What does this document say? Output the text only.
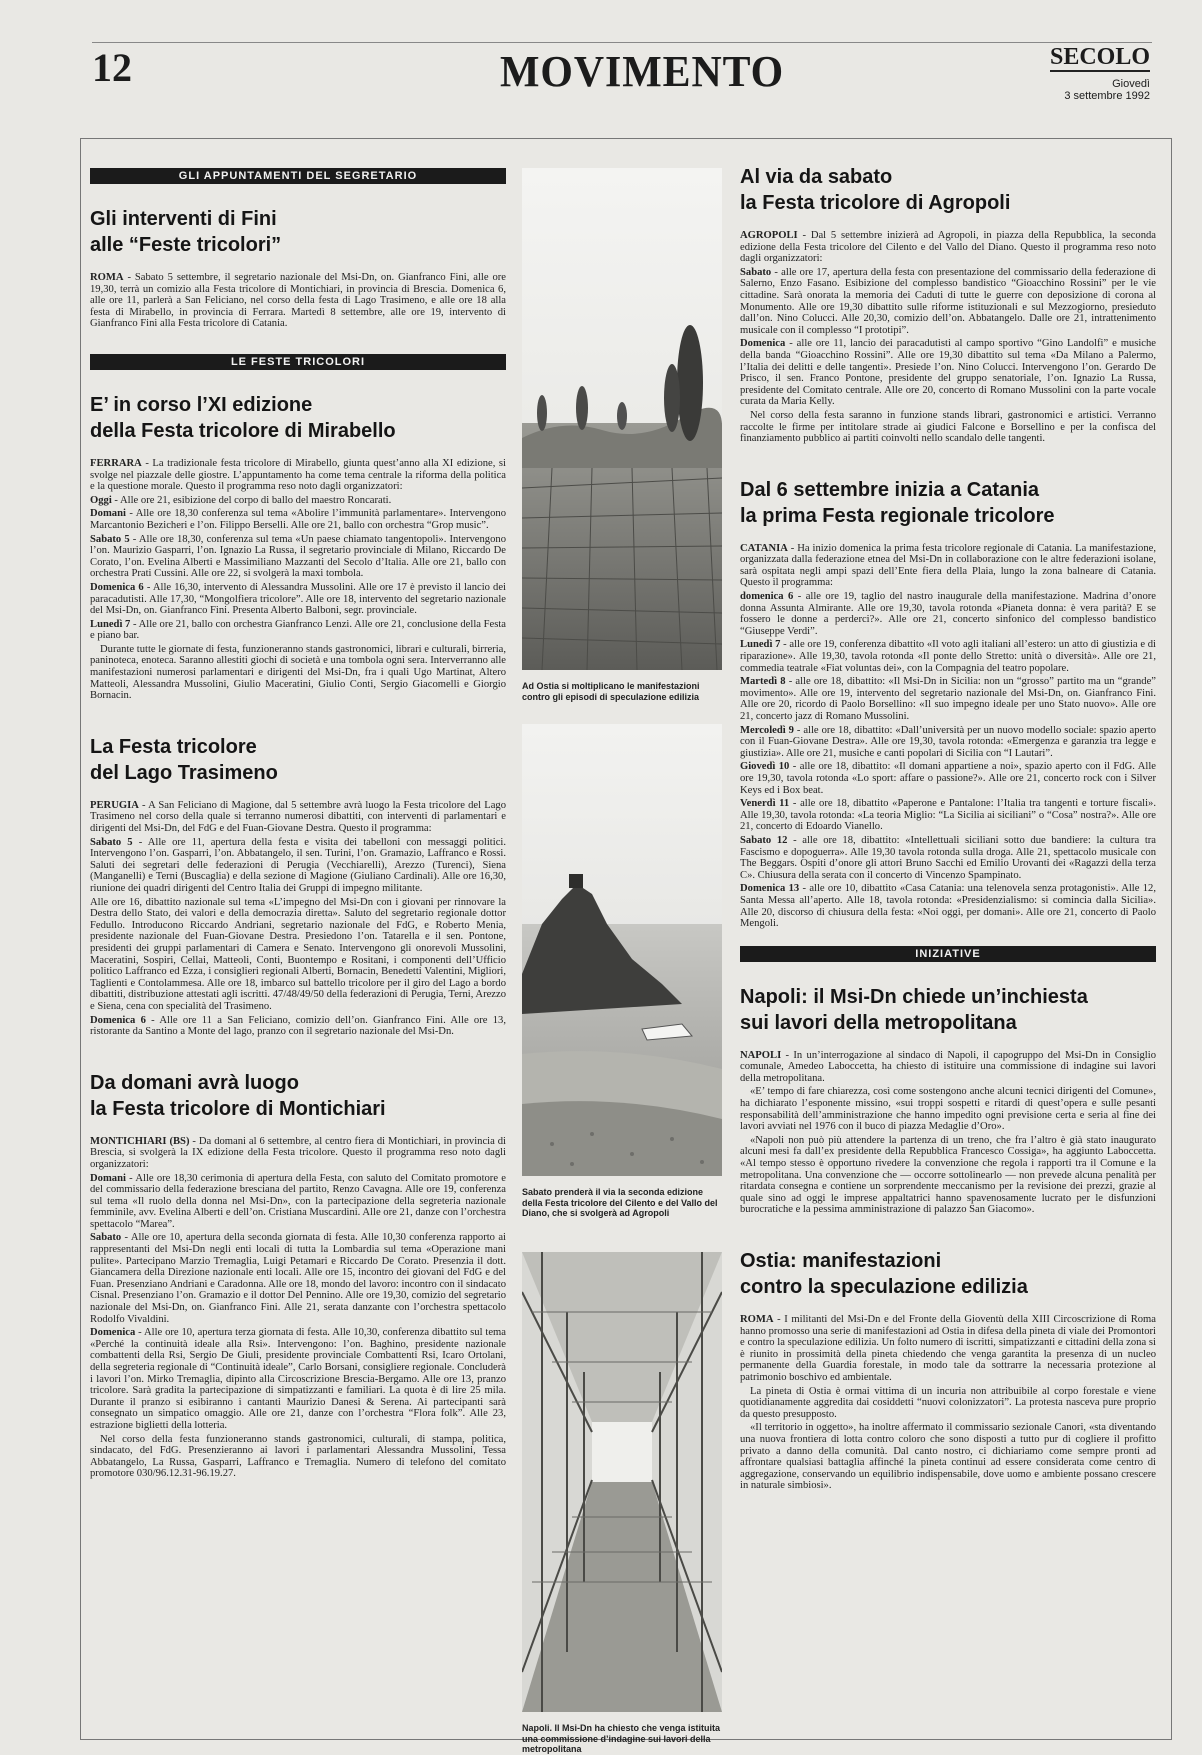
12	MOVIMENTO	SECOLO
Giovedì
3 settembre 1992
GLI APPUNTAMENTI DEL SEGRETARIO
Gli interventi di Fini
alle “Feste tricolori”

ROMA - Sabato 5 settembre, il segretario nazionale del Msi-Dn, on. Gianfranco Fini, alle ore 19,30, terrà un comizio alla Festa tricolore di Montichiari, in provincia di Brescia. Domenica 6, alle ore 11, parlerà a San Feliciano, nel corso della festa di Lago Trasimeno, e alle ore 18 alla festa di Mirabello, in provincia di Ferrara. Martedì 8 settembre, alle ore 19, intervento di Gianfranco Fini alla Festa tricolore di Catania.

LE FESTE TRICOLORI
E’ in corso l’XI edizione
della Festa tricolore di Mirabello

FERRARA - La tradizionale festa tricolore di Mirabello, giunta quest’anno alla XI edizione, si svolge nel piazzale delle giostre. L’appuntamento ha come tema centrale la riforma della politica e la questione morale. Questo il programma reso noto dagli organizzatori:

Oggi - Alle ore 21, esibizione del corpo di ballo del maestro Roncarati.

Domani - Alle ore 18,30 conferenza sul tema «Abolire l’immunità parlamentare». Intervengono Marcantonio Bezicheri e l’on. Filippo Berselli. Alle ore 21, ballo con orchestra “Grop music”.

Sabato 5 - Alle ore 18,30, conferenza sul tema «Un paese chiamato tangentopoli». Intervengono l’on. Maurizio Gasparri, l’on. Ignazio La Russa, il segretario provinciale di Milano, Riccardo De Corato, l’on. Evelina Alberti e Massimiliano Mazzanti del Secolo d’Italia. Alle ore 21, ballo con orchestra Prati Cussini. Alle ore 22, si svolgerà la maxi tombola.

Domenica 6 - Alle 16,30, intervento di Alessandra Mussolini. Alle ore 17 è previsto il lancio dei paracadutisti. Alle 17,30, “Mongolfiera tricolore”. Alle ore 18, intervento del segretario nazionale del Msi-Dn, on. Gianfranco Fini. Presenta Alberto Balboni, segr. provinciale.

Lunedì 7 - Alle ore 21, ballo con orchestra Gianfranco Lenzi. Alle ore 21, conclusione della Festa e piano bar.

Durante tutte le giornate di festa, funzioneranno stands gastronomici, librari e culturali, birreria, paninoteca, enoteca. Saranno allestiti giochi di società e una tombola ogni sera. Interverranno alle manifestazioni numerosi parlamentari e dirigenti del Msi-Dn, fra i quali Ugo Martinat, Altero Matteoli, Alessandra Mussolini, Giulio Maceratini, Giulio Conti, Sergio Giacomelli e Giorgio Bornacin.

La Festa tricolore
del Lago Trasimeno

PERUGIA - A San Feliciano di Magione, dal 5 settembre avrà luogo la Festa tricolore del Lago Trasimeno nel corso della quale si terranno numerosi dibattiti, con interventi di parlamentari e dirigenti del Msi-Dn, del FdG e del Fuan-Giovane Destra. Questo il programma:

Sabato 5 - Alle ore 11, apertura della festa e visita dei tabelloni con messaggi politici. Intervengono l’on. Gasparri, l’on. Abbatangelo, il sen. Turini, l’on. Gramazio, Laffranco e Rossi. Saluti dei segretari delle federazioni di Perugia (Vecchiarelli), Arezzo (Turenci), Siena (Manganelli) e Terni (Buscaglia) e della sezione di Magione (Giuliano Cardinali). Alle ore 16,30, riunione dei quadri dirigenti del Centro Italia dei Gruppi di impegno militante.

Alle ore 16, dibattito nazionale sul tema «L’impegno del Msi-Dn con i giovani per rinnovare la Destra dello Stato, dei valori e della democrazia diretta». Saluto del segretario regionale dottor Fedullo. Introducono Riccardo Andriani, segretario nazionale del FdG, e Roberto Menia, presidente nazionale del Fuan-Giovane Destra. Presiedono l’on. Tatarella e il sen. Pontone, presidenti dei gruppi parlamentari di Camera e Senato. Intervengono gli onorevoli Mussolini, Maceratini, Sospiri, Cellai, Matteoli, Conti, Buontempo e Rositani, i componenti dell’Ufficio politico Laffranco ed Ezza, i consiglieri regionali Alberti, Bornacin, Benedetti Valentini, Migliori, Taglienti e Contolammesa. Alle ore 18, imbarco sul battello tricolore per il giro del Lago a bordo dibattiti, distribuzione attestati agli iscritti. 47/48/49/50 della federazioni di Perugia, Terni, Arezzo e Siena, cena con specialità del Trasimeno.

Domenica 6 - Alle ore 11 a San Feliciano, comizio dell’on. Gianfranco Fini. Alle ore 13, ristorante da Santino a Monte del lago, pranzo con il segretario nazionale del Msi-Dn.

Da domani avrà luogo
la Festa tricolore di Montichiari

MONTICHIARI (BS) - Da domani al 6 settembre, al centro fiera di Montichiari, in provincia di Brescia, si svolgerà la IX edizione della Festa tricolore. Questo il programma reso noto dagli organizzatori:

Domani - Alle ore 18,30 cerimonia di apertura della Festa, con saluto del Comitato promotore e del commissario della federazione bresciana del partito, Renzo Cavagna. Alle ore 19, conferenza sul tema «Il ruolo della donna nel Msi-Dn», con la partecipazione della segreteria nazionale femminile, avv. Evelina Alberti e dell’on. Cristiana Muscardini. Alle ore 21, danze con l’orchestra spettacolo “Marea”.

Sabato - Alle ore 10, apertura della seconda giornata di festa. Alle 10,30 conferenza rapporto ai rappresentanti del Msi-Dn negli enti locali di tutta la Lombardia sul tema «Operazione mani pulite». Partecipano Marzio Tremaglia, Luigi Petamari e Riccardo De Corato. Presenzia il dott. Giancamera della Direzione nazionale enti locali. Alle ore 15, incontro dei giovani del FdG e del Fuan. Presenziano Andriani e Caradonna. Alle ore 18, mondo del lavoro: incontro con il sindacato Cisnal. Presenziano l’on. Gramazio e il dottor Del Pennino. Alle ore 19,30, comizio del segretario nazionale del Msi-Dn, on. Gianfranco Fini. Alle 21, serata danzante con l’orchestra spettacolo Rodolfo Vivaldini.

Domenica - Alle ore 10, apertura terza giornata di festa. Alle 10,30, conferenza dibattito sul tema «Perché la continuità ideale alla Rsi». Intervengono: l’on. Baghino, presidente nazionale combattenti della Rsi, Sergio De Giuli, presidente provinciale Combattenti Rsi, Icaro Ortolani, della segreteria regionale di “Continuità ideale”, Carlo Borsani, consigliere regionale. Concluderà i lavori l’on. Mirko Tremaglia, dipinto alla Circoscrizione Brescia-Bergamo. Alle ore 13, pranzo tricolore. Sarà gradita la partecipazione di simpatizzanti e familiari. La quota è di lire 25 mila. Durante il pranzo si esibiranno i cantanti Maurizio Danesi & Serena. Ai partecipanti sarà consegnato un simpatico omaggio. Alle ore 21, danze con l’orchestra “Flora folk”. Alle 23, estrazione biglietti della lotteria.

Nel corso della festa funzioneranno stands gastronomici, culturali, di stampa, politica, sindacato, del FdG. Presenzieranno ai lavori i parlamentari Alessandra Mussolini, Tessa Abbatangelo, La Russa, Gasparri, Laffranco e Tremaglia. Numero di telefono del comitato promotore 030/96.12.31-96.19.27.

Ad Ostia si moltiplicano le manifestazioni contro gli episodi di speculazione edilizia
Sabato prenderà il via la seconda edizione della Festa tricolore del Cilento e del Vallo del Diano, che si svolgerà ad Agropoli
Napoli. Il Msi-Dn ha chiesto che venga istituita una commissione d’indagine sui lavori della metropolitana
Al via da sabato
la Festa tricolore di Agropoli

AGROPOLI - Dal 5 settembre inizierà ad Agropoli, in piazza della Repubblica, la seconda edizione della Festa tricolore del Cilento e del Vallo del Diano. Questo il programma reso noto dagli organizzatori:

Sabato - alle ore 17, apertura della festa con presentazione del commissario della federazione di Salerno, Enzo Fasano. Esibizione del complesso bandistico “Gioacchino Rossini” per le vie cittadine. Sarà onorata la memoria dei Caduti di tutte le guerre con deposizione di corona al Monumento. Alle ore 19,30 dibattito sulle riforme istituzionali e sul Mezzogiorno, presieduto dall’on. Nino Colucci. Alle 20,30, comizio dell’on. Abbatangelo. Dalle ore 21, intrattenimento musicale con il complesso “I prototipi”.

Domenica - alle ore 11, lancio dei paracadutisti al campo sportivo “Gino Landolfi” e musiche della banda “Gioacchino Rossini”. Alle ore 19,30 dibattito sul tema «Da Milano a Palermo, l’Italia dei delitti e delle tangenti». Presiede l’on. Nino Colucci. Intervengono l’on. Gerardo De Prisco, il sen. Franco Pontone, presidente del gruppo senatoriale, l’on. Ignazio La Russa, presidente del Comitato centrale. Alle ore 20, concerto di Romano Mussolini con la parte vocale curata da Maria Kelly.

Nel corso della festa saranno in funzione stands librari, gastronomici e artistici. Verranno raccolte le firme per intitolare strade ai giudici Falcone e Borsellino e per la confisca del finanziamento pubblico ai partiti coinvolti nello scandalo delle tangenti.

Dal 6 settembre inizia a Catania
la prima Festa regionale tricolore

CATANIA - Ha inizio domenica la prima festa tricolore regionale di Catania. La manifestazione, organizzata dalla federazione etnea del Msi-Dn in collaborazione con le altre federazioni isolane, sarà ospitata negli ampi spazi dell’Ente fiera della Plaia, lungo la zona balneare di Catania. Questo il programma:

domenica 6 - alle ore 19, taglio del nastro inaugurale della manifestazione. Madrina d’onore donna Assunta Almirante. Alle ore 19,30, tavola rotonda «Pianeta donna: è vera parità? E se fossero le donne a perderci?». Alle ore 21, concerto sinfonico del complesso bandistico “Giuseppe Verdi”.

Lunedì 7 - alle ore 19, conferenza dibattito «Il voto agli italiani all’estero: un atto di giustizia e di riparazione». Alle 19,30, tavola rotonda «Il ponte dello Stretto: unità o diversità». Alle ore 21, commedia teatrale «Fiat voluntas dei», con la Compagnia del teatro popolare.

Martedì 8 - alle ore 18, dibattito: «Il Msi-Dn in Sicilia: non un “grosso” partito ma un “grande” movimento». Alle ore 19, intervento del segretario nazionale del Msi-Dn, on. Gianfranco Fini. Alle ore 20, ricordo di Paolo Borsellino: «Il suo impegno ideale per uno Stato nuovo». Alle ore 21, concerto jazz di Romano Mussolini.

Mercoledì 9 - alle ore 18, dibattito: «Dall’università per un nuovo modello sociale: spazio aperto con il Fuan-Giovane Destra». Alle ore 19,30, tavola rotonda: «Emergenza e garanzia tra legge e giustizia». Alle ore 21, musiche e canti popolari di Sicilia con “I Lautari”.

Giovedì 10 - alle ore 18, dibattito: «Il domani appartiene a noi», spazio aperto con il FdG. Alle ore 19,30, tavola rotonda «Lo sport: affare o passione?». Alle ore 21, concerto rock con i Silver Keys ed i Box beat.

Venerdì 11 - alle ore 18, dibattito «Paperone e Pantalone: l’Italia tra tangenti e torture fiscali». Alle 19,30, tavola rotonda: «La teoria Miglio: “La Sicilia ai siciliani” o “Cosa” nostra?». Alle ore 21, concerto di Edoardo Vianello.

Sabato 12 - alle ore 18, dibattito: «Intellettuali siciliani sotto due bandiere: la cultura tra Fascismo e dopoguerra». Alle 19,30 tavola rotonda sulla droga. Alle 21, spettacolo musicale con The Beggars. Ospiti d’onore gli attori Bruno Sacchi ed Emilio Urovanti dei «Ragazzi della terza C». Chiusura della serata con il concerto di Vincenzo Spampinato.

Domenica 13 - alle ore 10, dibattito «Casa Catania: una telenovela senza protagonisti». Alle 12, Santa Messa all’aperto. Alle 18, tavola rotonda: «Presidenzialismo: si comincia dalla Sicilia». Alle 20, discorso di chiusura della festa: «Noi oggi, per domani». Alle ore 21, concerto di Paolo Mengoli.

INIZIATIVE
Napoli: il Msi-Dn chiede un’inchiesta
sui lavori della metropolitana

NAPOLI - In un’interrogazione al sindaco di Napoli, il capogruppo del Msi-Dn in Consiglio comunale, Amedeo Laboccetta, ha chiesto di istituire una commissione di indagine sui lavori della metropolitana.

«E’ tempo di fare chiarezza, così come sostengono anche alcuni tecnici dirigenti del Comune», ha dichiarato l’esponente missino, «sui troppi sospetti e ritardi di quest’opera e sulle pesanti responsabilità dell’amministrazione che hanno impedito ogni previsione certa e seria al fine dei lavori avviati nel 1976 con il buco di piazza Medaglie d’Oro».

«Napoli non può più attendere la partenza di un treno, che fra l’altro è già stato inaugurato alcuni mesi fa dall’ex presidente della Repubblica Francesco Cossiga», ha aggiunto Laboccetta. «Al tempo stesso è opportuno rivedere la convenzione che regola i rapporti tra il Comune e la metropolitana. Una convenzione che — occorre sottolinearlo — non prevede alcuna penalità per ritardata consegna e contiene un sorprendente meccanismo per la revisione dei prezzi, grazie al quale sino ad oggi le imprese appaltatrici hanno spavenosamente lucrato per le disfunzioni burocratiche e la pessima amministrazione di palazzo San Giacomo».

Ostia: manifestazioni
contro la speculazione edilizia

ROMA - I militanti del Msi-Dn e del Fronte della Gioventù della XIII Circoscrizione di Roma hanno promosso una serie di manifestazioni ad Ostia in difesa della pineta di viale dei Promontori e contro la speculazione edilizia. Un folto numero di iscritti, simpatizzanti e cittadini della zona si è riunito in prossimità della pineta chiedendo che venga garantita la presenza di un nucleo permanente della Guardia forestale, in modo tale da sottrarre la necessaria protezione al patrimonio boschivo ed ambientale.

La pineta di Ostia è ormai vittima di un incuria non attribuibile al corpo forestale e viene quotidianamente aggredita dai cosiddetti “nuovi colonizzatori”. La protesta nasceva pure proprio da questo presupposto.

«Il territorio in oggetto», ha inoltre affermato il commissario sezionale Canori, «sta diventando una nuova frontiera di lotta contro coloro che sono disposti a tutto pur di cogliere il profitto privato a danno della comunità. Dal canto nostro, ci dichiariamo come sempre pronti ad affrontare qualsiasi battaglia affinché la pineta continui ad essere considerata come centro di aggregazione, conservando un equilibrio indispensabile, dove uomo e ambiente possano crescere in naturale simbiosi».
